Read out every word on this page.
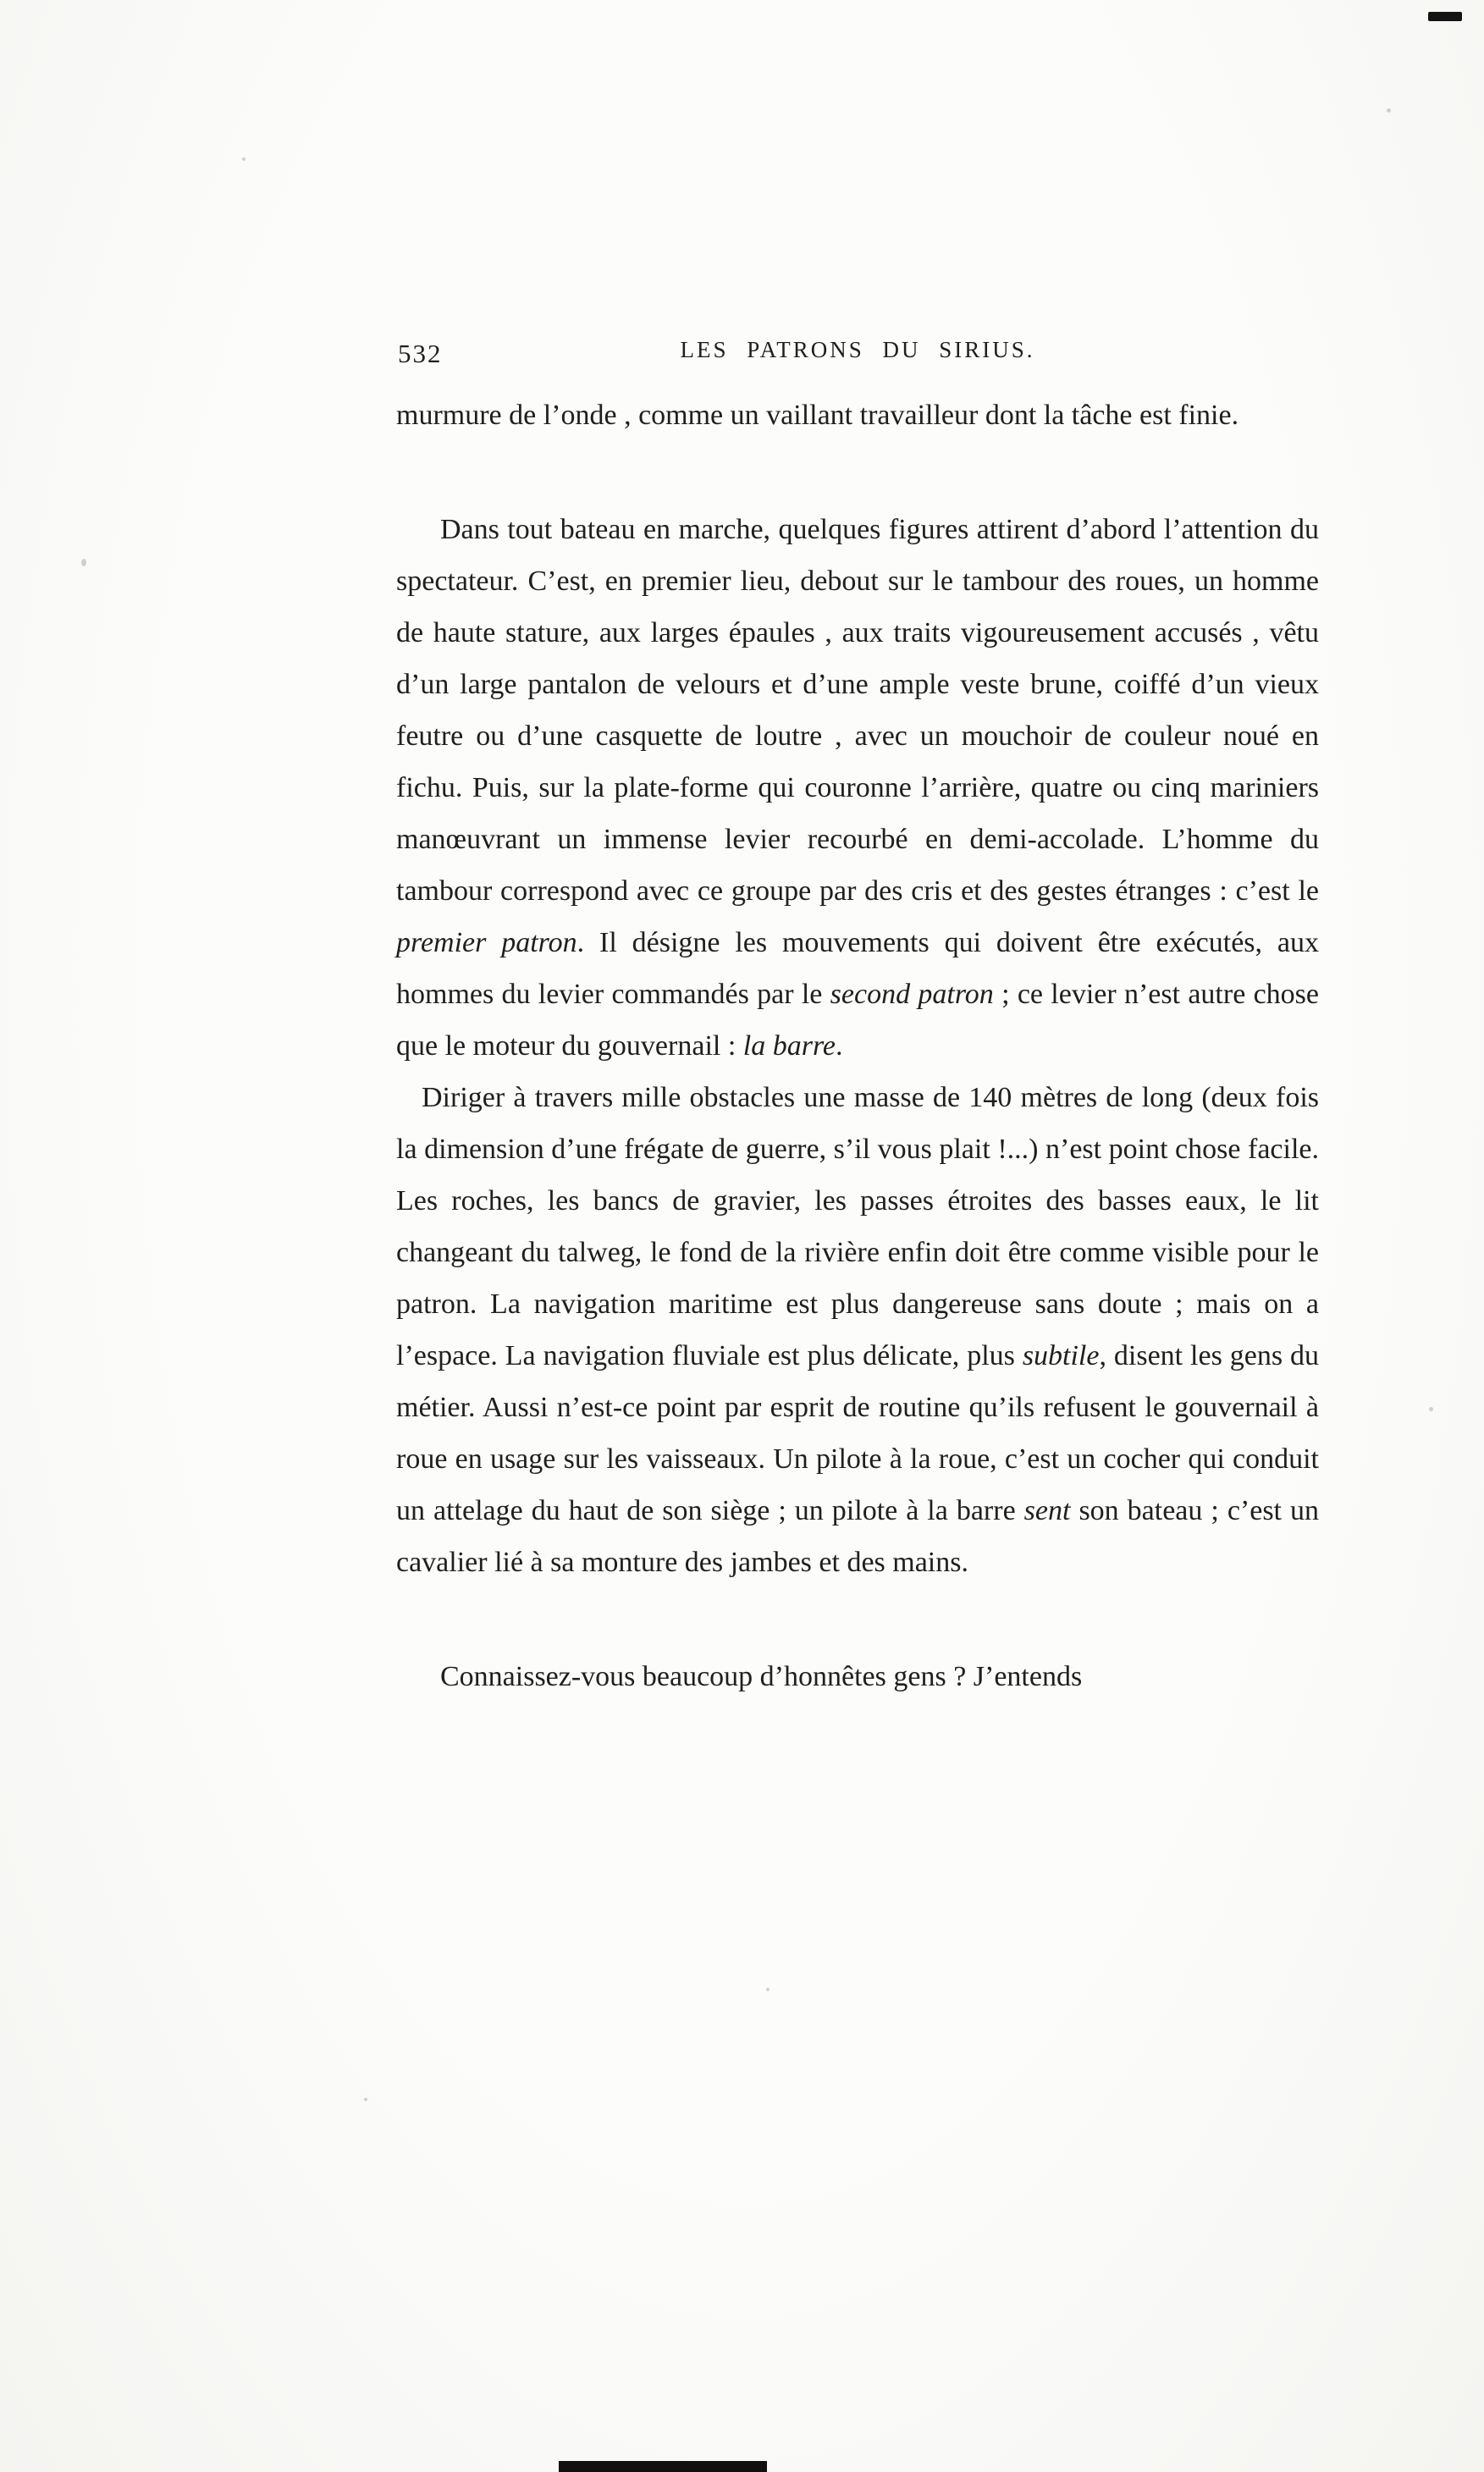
532	LES PATRONS DU SIRIUS.

murmure de l’onde , comme un vaillant travailleur dont la tâche est finie.

Dans tout bateau en marche, quelques figures attirent d’abord l’attention du spectateur. C’est, en premier lieu, debout sur le tambour des roues, un homme de haute stature, aux larges épaules , aux traits vigoureusement accusés , vêtu d’un large pantalon de velours et d’une ample veste brune, coiffé d’un vieux feutre ou d’une casquette de loutre , avec un mouchoir de couleur noué en fichu. Puis, sur la plate-forme qui couronne l’arrière, quatre ou cinq mariniers manœuvrant un immense levier recourbé en demi-accolade. L’homme du tambour correspond avec ce groupe par des cris et des gestes étranges : c’est le premier patron. Il désigne les mouvements qui doivent être exécutés, aux hommes du levier commandés par le second patron ; ce levier n’est autre chose que le moteur du gouvernail : la barre.

Diriger à travers mille obstacles une masse de 140 mètres de long (deux fois la dimension d’une frégate de guerre, s’il vous plait !...) n’est point chose facile. Les roches, les bancs de gravier, les passes étroites des basses eaux, le lit changeant du talweg, le fond de la rivière enfin doit être comme visible pour le patron. La navigation maritime est plus dangereuse sans doute ; mais on a l’espace. La navigation fluviale est plus délicate, plus subtile, disent les gens du métier. Aussi n’est-ce point par esprit de routine qu’ils refusent le gouvernail à roue en usage sur les vaisseaux. Un pilote à la roue, c’est un cocher qui conduit un attelage du haut de son siège ; un pilote à la barre sent son bateau ; c’est un cavalier lié à sa monture des jambes et des mains.

Connaissez-vous beaucoup d’honnêtes gens ? J’entends
